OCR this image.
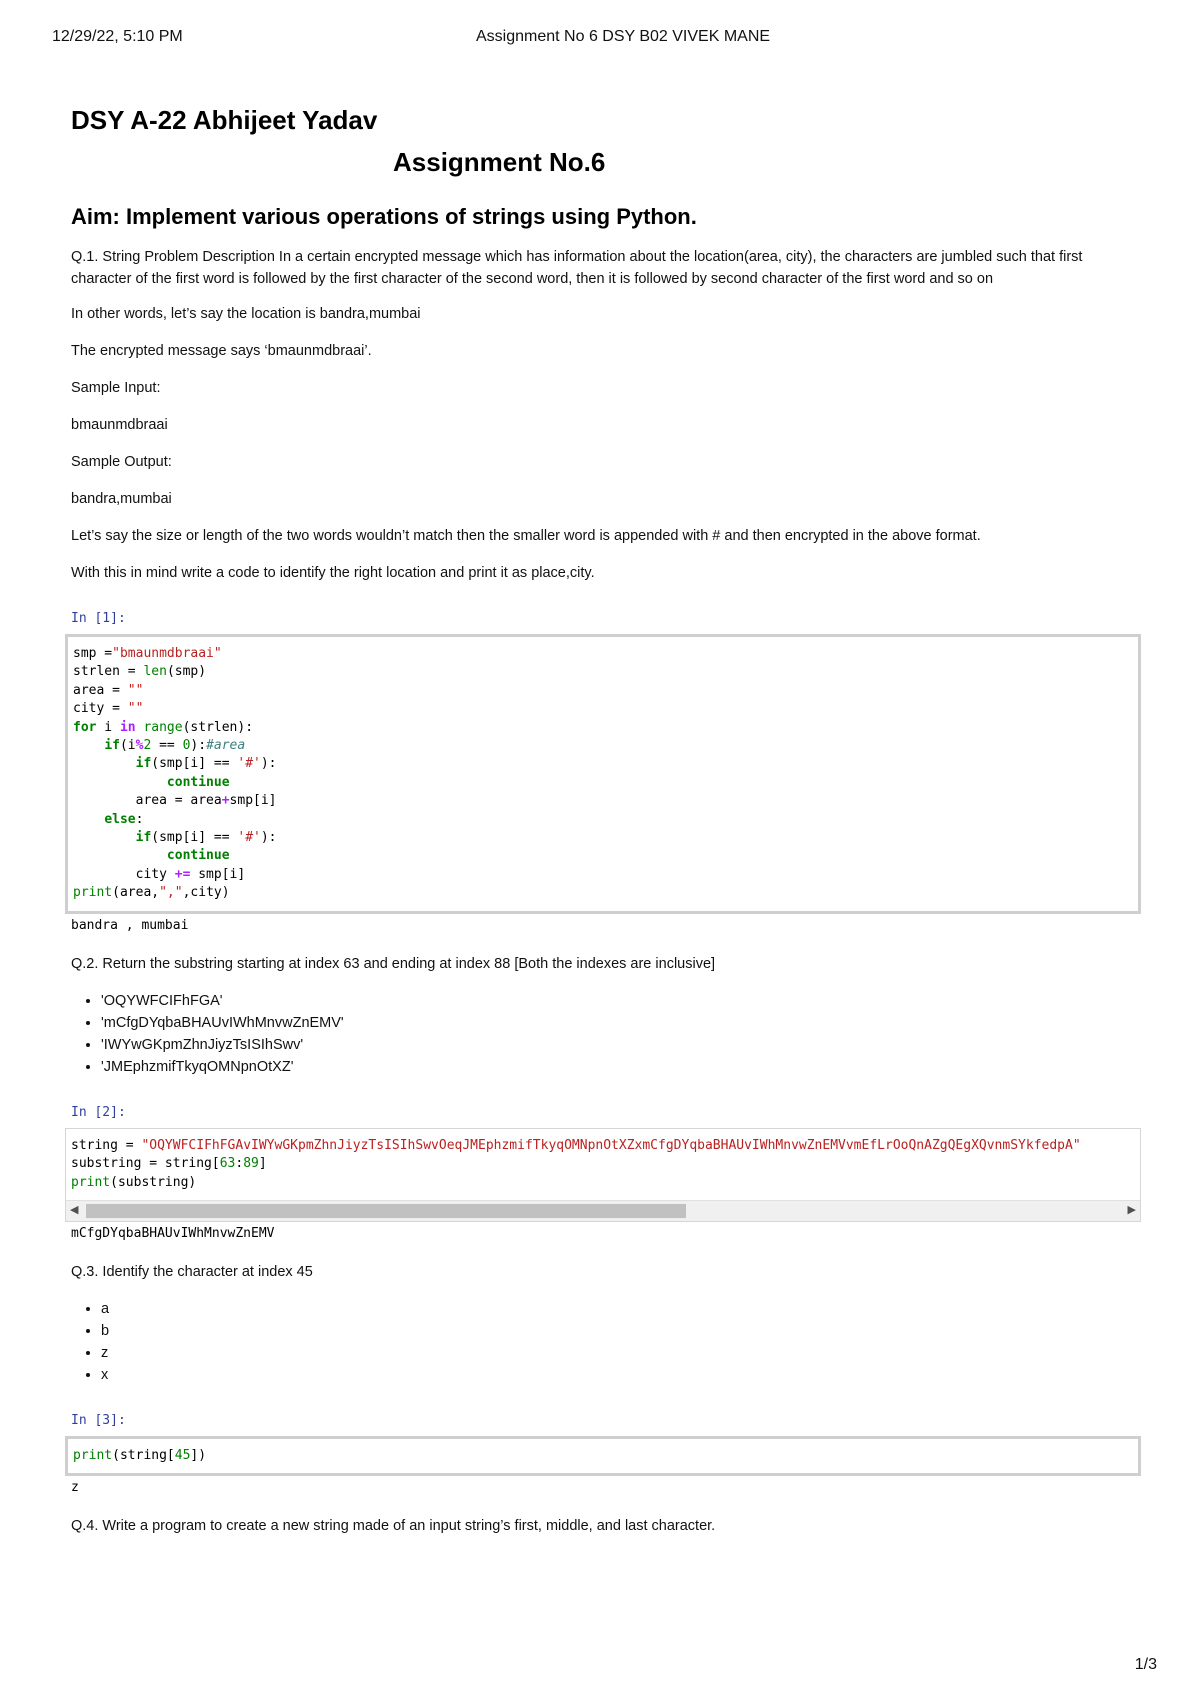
12/29/22, 5:10 PM	Assignment No 6 DSY B02 VIVEK MANE
DSY A-22 Abhijeet Yadav
Assignment No.6
Aim: Implement various operations of strings using Python.

Q.1. String Problem Description In a certain encrypted message which has information about the location(area, city), the characters are jumbled such that first character of the first word is followed by the first character of the second word, then it is followed by second character of the first word and so on

In other words, let’s say the location is bandra,mumbai

The encrypted message says ‘bmaunmdbraai’.

Sample Input:

bmaunmdbraai

Sample Output:

bandra,mumbai

Let’s say the size or length of the two words wouldn’t match then the smaller word is appended with # and then encrypted in the above format.

With this in mind write a code to identify the right location and print it as place,city.

In [1]:
smp ="bmaunmdbraai"
strlen = len(smp)
area = ""
city = ""
for i in range(strlen):
if(i%2 == 0):#area
if(smp[i] == '#'):
continue
area = area+smp[i]
else:
if(smp[i] == '#'):
continue
city += smp[i]
print(area,",",city)
bandra , mumbai

Q.2. Return the substring starting at index 63 and ending at index 88 [Both the indexes are inclusive]

• 'OQYWFCIFhFGA'
• 'mCfgDYqbaBHAUvIWhMnvwZnEMV'
• 'IWYwGKpmZhnJiyzTsISIhSwv'
• 'JMEphzmifTkyqOMNpnOtXZ'
In [2]:
string = "OQYWFCIFhFGAvIWYwGKpmZhnJiyzTsISIhSwvOeqJMEphzmifTkyqOMNpnOtXZxmCfgDYqbaBHAUvIWhMnvwZnEMVvmEfLrOoQnAZgQEgXQvnmSYkfedpA"
substring = string[63:89]
print(substring)
◀	▶
mCfgDYqbaBHAUvIWhMnvwZnEMV

Q.3. Identify the character at index 45

• a
• b
• z
• x
In [3]:
print(string[45])
z

Q.4. Write a program to create a new string made of an input string’s first, middle, and last character.

1/3
